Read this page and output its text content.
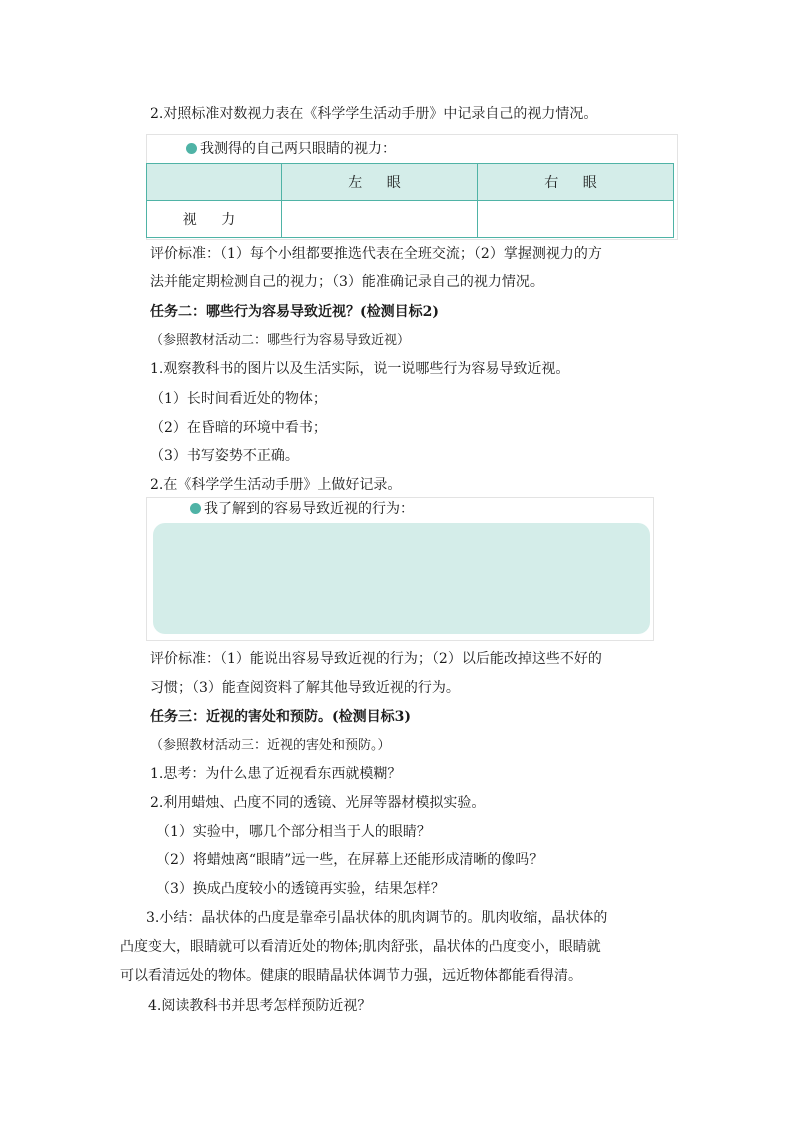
2.对照标准对数视力表在《科学学生活动手册》中记录自己的视力情况。
我测得的自己两只眼睛的视力：
	左 眼	右 眼
视 力		
评价标准：（1）每个小组都要推选代表在全班交流；（2）掌握测视力的方
法并能定期检测自己的视力；（3）能准确记录自己的视力情况。
任务二：哪些行为容易导致近视？(检测目标2)
（参照教材活动二：哪些行为容易导致近视）
1.观察教科书的图片以及生活实际，说一说哪些行为容易导致近视。
（1）长时间看近处的物体；
（2）在昏暗的环境中看书；
（3）书写姿势不正确。
2.在《科学学生活动手册》上做好记录。
我了解到的容易导致近视的行为：
评价标准：（1）能说出容易导致近视的行为；（2）以后能改掉这些不好的
习惯；（3）能查阅资料了解其他导致近视的行为。
任务三：近视的害处和预防。(检测目标3)
（参照教材活动三：近视的害处和预防。）
1.思考：为什么患了近视看东西就模糊？
2.利用蜡烛、凸度不同的透镜、光屏等器材模拟实验。
（1）实验中，哪几个部分相当于人的眼睛？
（2）将蜡烛离“眼睛”远一些，在屏幕上还能形成清晰的像吗？
（3）换成凸度较小的透镜再实验，结果怎样？
3.小结：晶状体的凸度是靠牵引晶状体的肌肉调节的。肌肉收缩，晶状体的
凸度变大，眼睛就可以看清近处的物体;肌肉舒张，晶状体的凸度变小，眼睛就
可以看清远处的物体。健康的眼睛晶状体调节力强，远近物体都能看得清。
4.阅读教科书并思考怎样预防近视？
